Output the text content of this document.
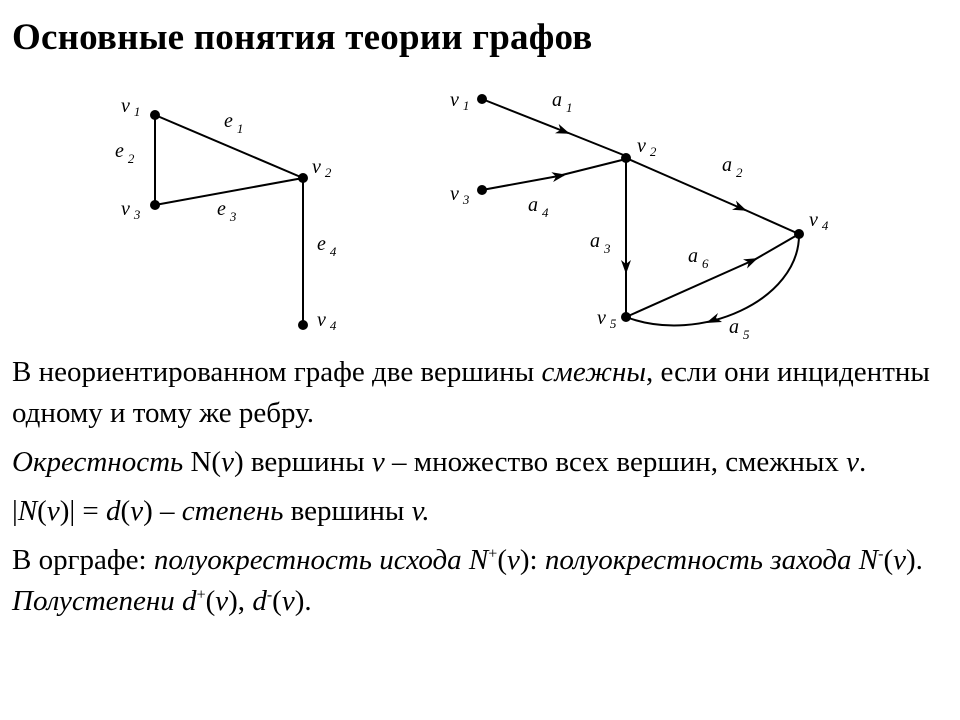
Основные понятия теории графов
v $_1$
v $_2$
v $_3$
v $_4$
e $_1$
e $_2$
e $_3$
e $_4$
v $_1$
v $_2$
v $_3$
v $_4$
v $_5$
a $_1$
a $_2$
a $_3$
a $_4$
a $_5$
a $_6$

В неориентированном графе две вершины смежны, если они инцидентны одному и тому же ребру.

Окрестность N(v) вершины v – множество всех вершин, смежных v.

|N(v)| = d(v) – степень вершины v.

В орграфе: полуокрестность исхода N+(v): полуокрестность захода N-(v). Полустепени d+(v), d-(v).
